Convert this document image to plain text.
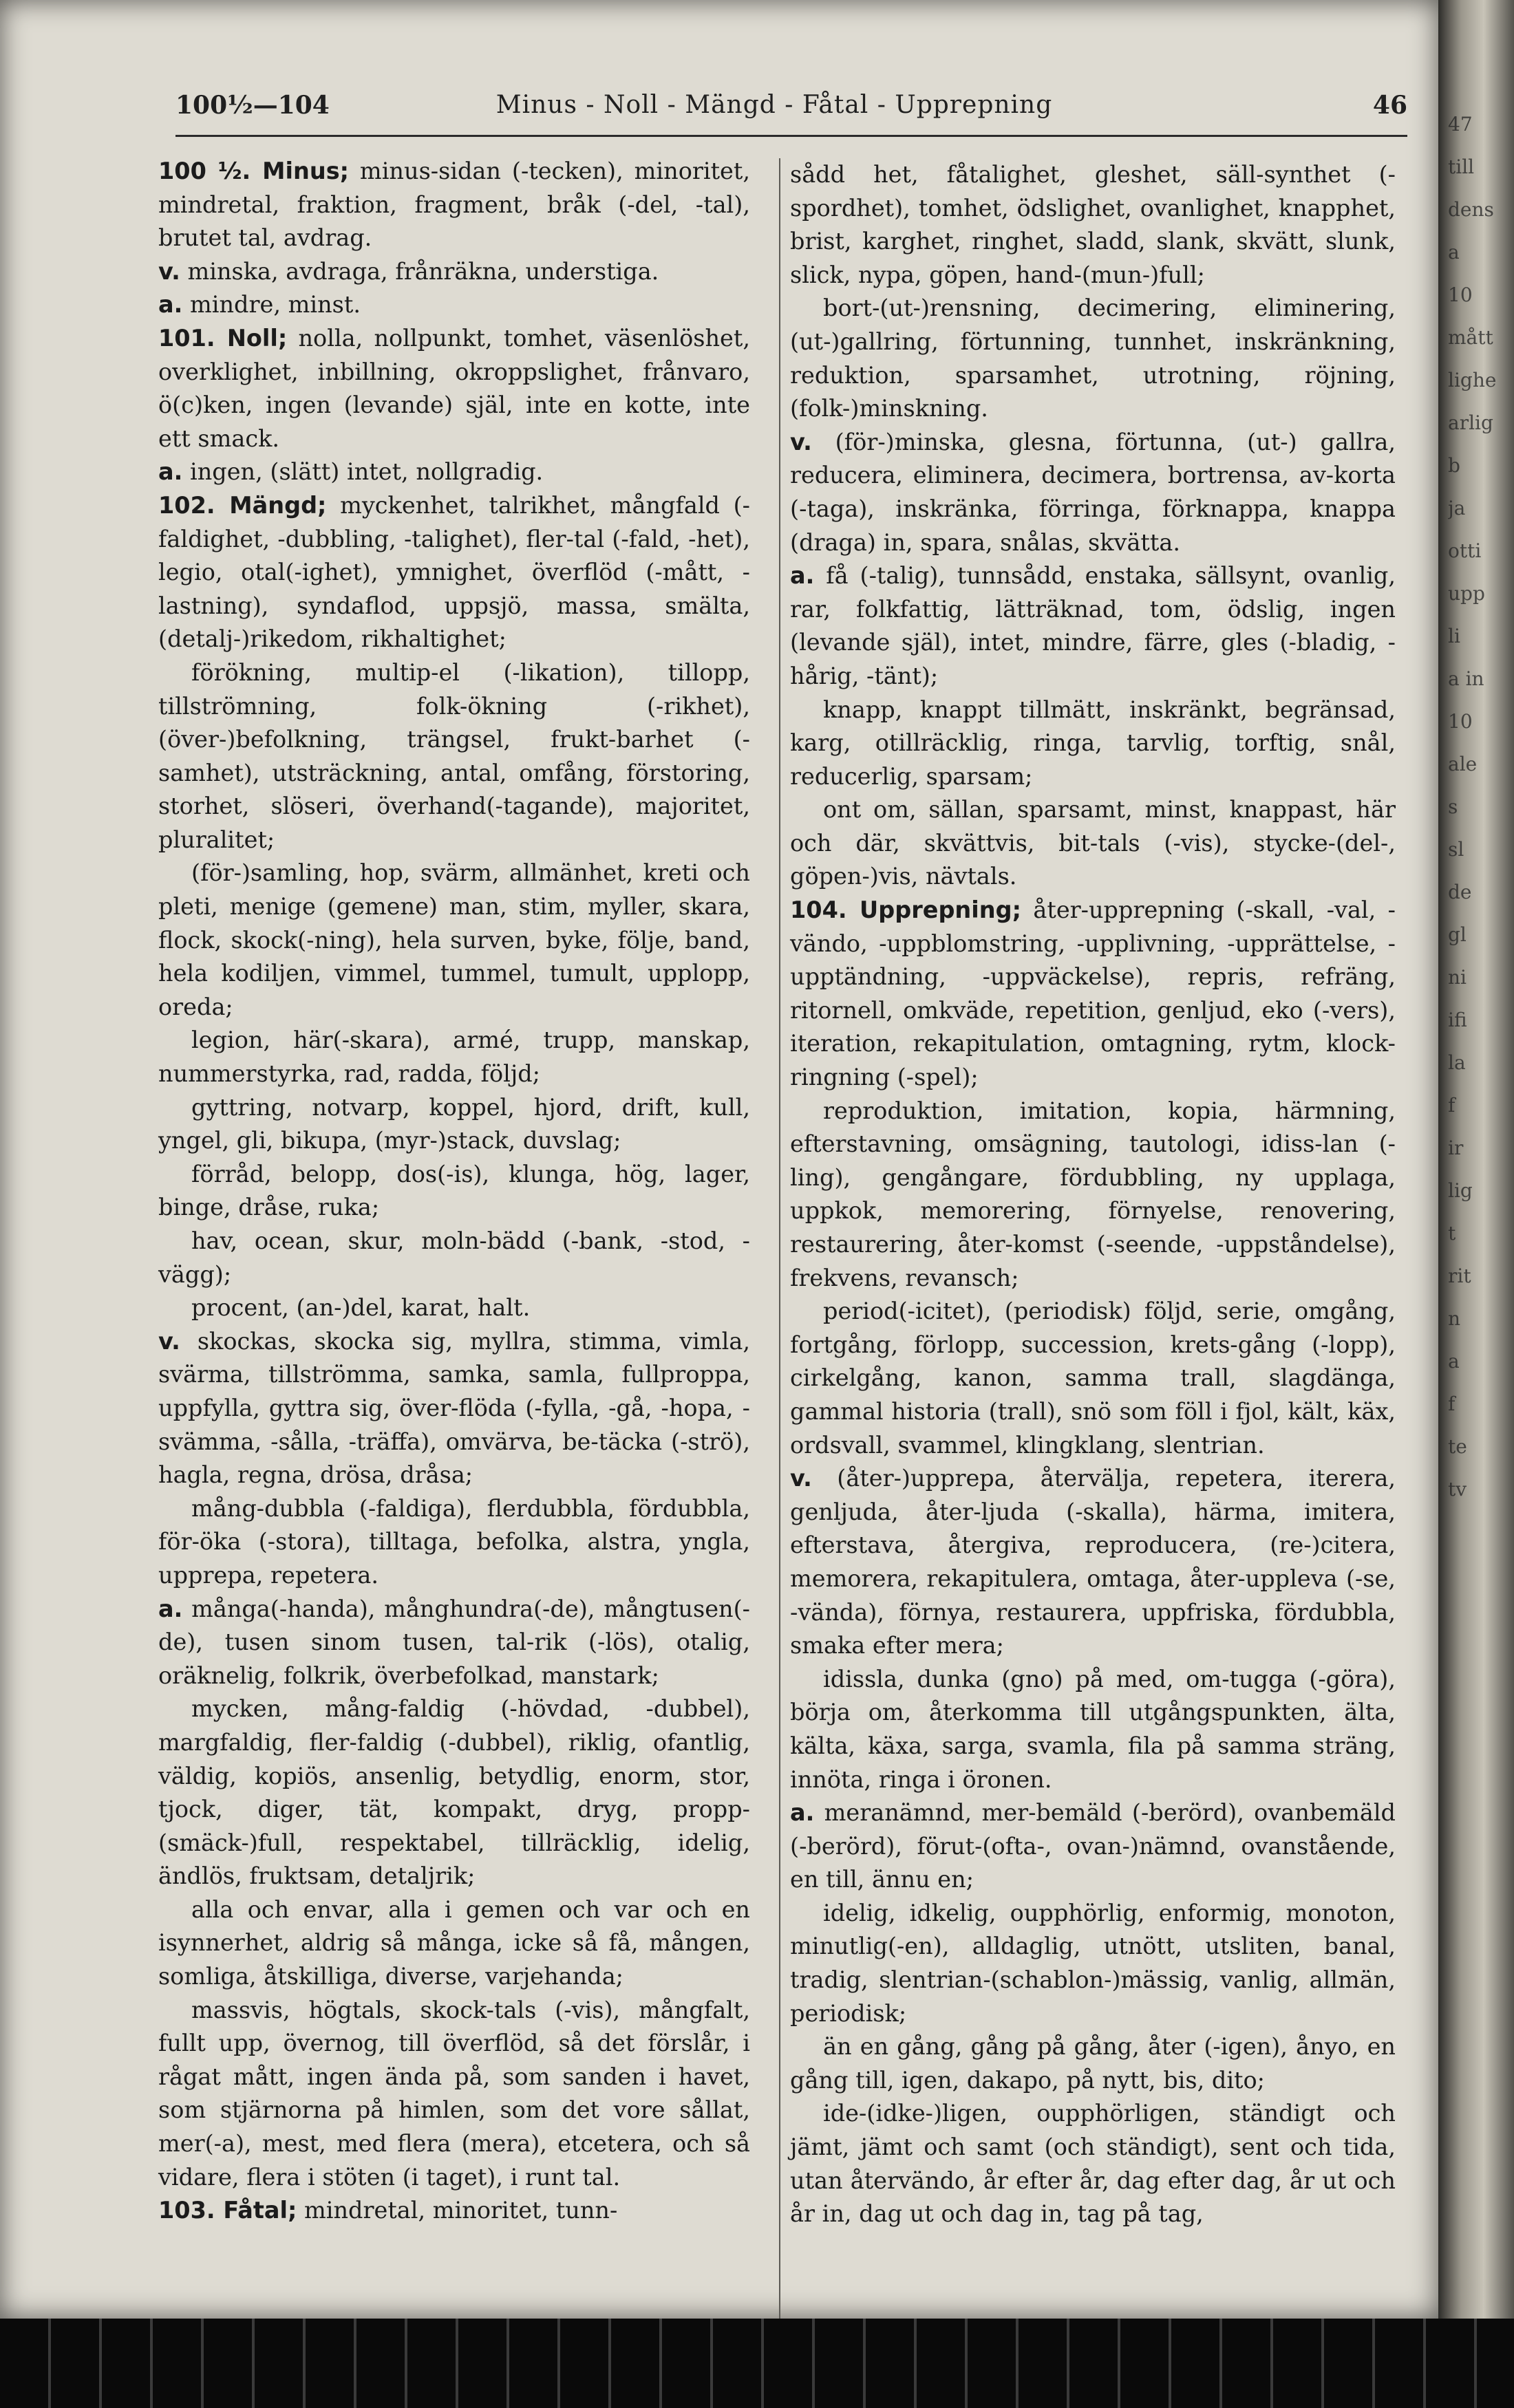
100½—104	Minus - Noll - Mängd - Fåtal - Upprepning	46

100 ½. Minus; minus-sidan (-tecken), minoritet, mindretal, fraktion, fragment, bråk (-del, -tal), brutet tal, avdrag.

v. minska, avdraga, frånräkna, understiga.

a. mindre, minst.

101. Noll; nolla, nollpunkt, tomhet, väsenlöshet, overklighet, inbillning, okroppslighet, frånvaro, ö(c)ken, ingen (levande) själ, inte en kotte, inte ett smack.

a. ingen, (slätt) intet, nollgradig.

102. Mängd; myckenhet, talrikhet, mångfald (-faldighet, -dubbling, -talighet), fler-tal (-fald, -het), legio, otal(-ighet), ymnighet, överflöd (-mått, -lastning), syndaflod, uppsjö, massa, smälta, (detalj-)rikedom, rikhaltighet;

förökning, multip-el (-likation), tillopp, tillströmning, folk-ökning (-rikhet), (över-)befolkning, trängsel, frukt-barhet (-samhet), utsträckning, antal, omfång, förstoring, storhet, slöseri, överhand(-tagande), majoritet, pluralitet;

(för-)samling, hop, svärm, allmänhet, kreti och pleti, menige (gemene) man, stim, myller, skara, flock, skock(-ning), hela surven, byke, följe, band, hela kodiljen, vimmel, tummel, tumult, upplopp, oreda;

legion, här(-skara), armé, trupp, manskap, nummerstyrka, rad, radda, följd;

gyttring, notvarp, koppel, hjord, drift, kull, yngel, gli, bikupa, (myr-)stack, duvslag;

förråd, belopp, dos(-is), klunga, hög, lager, binge, dråse, ruka;

hav, ocean, skur, moln-bädd (-bank, -stod, -vägg);

procent, (an-)del, karat, halt.

v. skockas, skocka sig, myllra, stimma, vimla, svärma, tillströmma, samka, samla, fullproppa, uppfylla, gyttra sig, över-flöda (-fylla, -gå, -hopa, -svämma, -sålla, -träffa), omvärva, be-täcka (-strö), hagla, regna, drösa, dråsa;

mång-dubbla (-faldiga), flerdubbla, fördubbla, för-öka (-stora), tilltaga, befolka, alstra, yngla, upprepa, repetera.

a. många(-handa), månghundra(-de), mångtusen(-de), tusen sinom tusen, tal-rik (-lös), otalig, oräknelig, folkrik, överbefolkad, manstark;

mycken, mång-faldig (-hövdad, -dubbel), margfaldig, fler-faldig (-dubbel), riklig, ofantlig, väldig, kopiös, ansenlig, betydlig, enorm, stor, tjock, diger, tät, kompakt, dryg, propp-(smäck-)full, respektabel, tillräcklig, idelig, ändlös, fruktsam, detaljrik;

alla och envar, alla i gemen och var och en isynnerhet, aldrig så många, icke så få, mången, somliga, åtskilliga, diverse, varjehanda;

massvis, högtals, skock-tals (-vis), mångfalt, fullt upp, övernog, till överflöd, så det förslår, i rågat mått, ingen ända på, som sanden i havet, som stjärnorna på himlen, som det vore sållat, mer(-a), mest, med flera (mera), etcetera, och så vidare, flera i stöten (i taget), i runt tal.

103. Fåtal; mindretal, minoritet, tunn-

sådd het, fåtalighet, gleshet, säll-synthet (-spordhet), tomhet, ödslighet, ovanlighet, knapphet, brist, karghet, ringhet, sladd, slank, skvätt, slunk, slick, nypa, göpen, hand-(mun-)full;

bort-(ut-)rensning, decimering, eliminering, (ut-)gallring, förtunning, tunnhet, inskränkning, reduktion, sparsamhet, utrotning, röjning, (folk-)minskning.

v. (för-)minska, glesna, förtunna, (ut-) gallra, reducera, eliminera, decimera, bortrensa, av-korta (-taga), inskränka, förringa, förknappa, knappa (draga) in, spara, snålas, skvätta.

a. få (-talig), tunnsådd, enstaka, sällsynt, ovanlig, rar, folkfattig, lätträknad, tom, ödslig, ingen (levande själ), intet, mindre, färre, gles (-bladig, -hårig, -tänt);

knapp, knappt tillmätt, inskränkt, begränsad, karg, otillräcklig, ringa, tarvlig, torftig, snål, reducerlig, sparsam;

ont om, sällan, sparsamt, minst, knappast, här och där, skvättvis, bit-tals (-vis), stycke-(del-, göpen-)vis, nävtals.

104. Upprepning; åter-upprepning (-skall, -val, -vändo, -uppblomstring, -upplivning, -upprättelse, -upptändning, -uppväckelse), repris, refräng, ritornell, omkväde, repetition, genljud, eko (-vers), iteration, rekapitulation, omtagning, rytm, klock-ringning (-spel);

reproduktion, imitation, kopia, härmning, efterstavning, omsägning, tautologi, idiss-lan (-ling), gengångare, fördubbling, ny upplaga, uppkok, memorering, förnyelse, renovering, restaurering, åter-komst (-seende, -uppståndelse), frekvens, revansch;

period(-icitet), (periodisk) följd, serie, omgång, fortgång, förlopp, succession, krets-gång (-lopp), cirkelgång, kanon, samma trall, slagdänga, gammal historia (trall), snö som föll i fjol, kält, käx, ordsvall, svammel, klingklang, slentrian.

v. (åter-)upprepa, återvälja, repetera, iterera, genljuda, åter-ljuda (-skalla), härma, imitera, efterstava, återgiva, reproducera, (re-)citera, memorera, rekapitulera, omtaga, åter-uppleva (-se, -vända), förnya, restaurera, uppfriska, fördubbla, smaka efter mera;

idissla, dunka (gno) på med, om-tugga (-göra), börja om, återkomma till utgångspunkten, älta, kälta, käxa, sarga, svamla, fila på samma sträng, innöta, ringa i öronen.

a. meranämnd, mer-bemäld (-berörd), ovanbemäld (-berörd), förut-(ofta-, ovan-)nämnd, ovanstående, en till, ännu en;

idelig, idkelig, oupphörlig, enformig, monoton, minutlig(-en), alldaglig, utnött, utsliten, banal, tradig, slentrian-(schablon-)mässig, vanlig, allmän, periodisk;

än en gång, gång på gång, åter (-igen), ånyo, en gång till, igen, dakapo, på nytt, bis, dito;

ide-(idke-)ligen, oupphörligen, ständigt och jämt, jämt och samt (och ständigt), sent och tida, utan återvändo, år efter år, dag efter dag, år ut och år in, dag ut och dag in, tag på tag,

47
till
dens
a
10
mått
lighe
arlig
b
ja
otti
upp
li
a in
10
ale
s
sl
de
gl
ni
ifi
la
f
ir
lig
t
rit
n
a
f
te
tv
